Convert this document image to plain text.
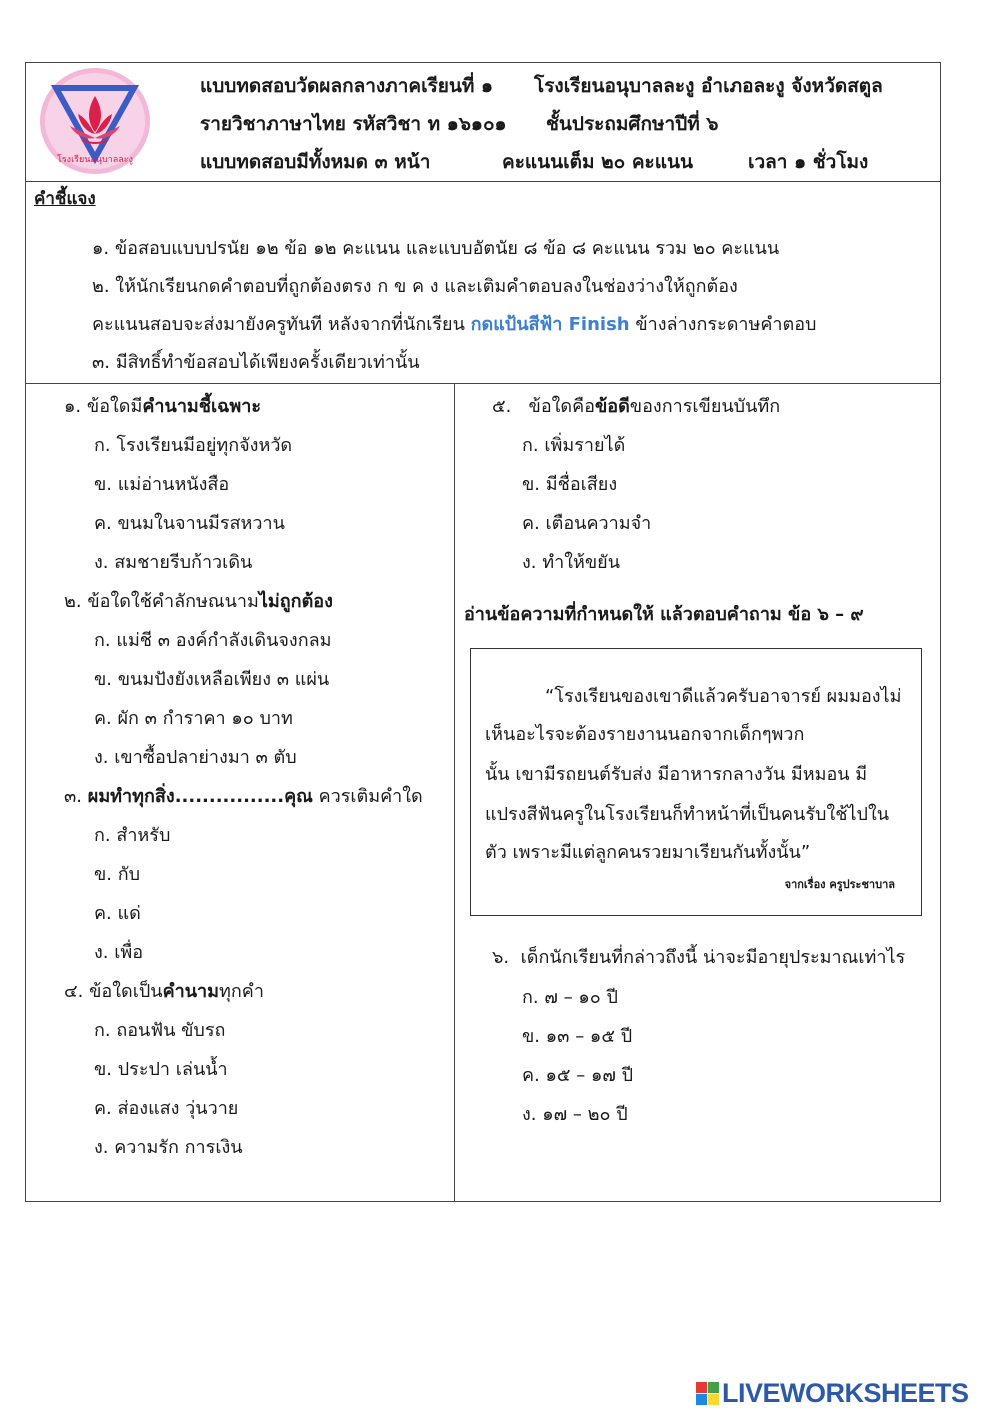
โรงเรียนอนุบาลละงู
แบบทดสอบวัดผลกลางภาคเรียนที่ ๑ โรงเรียนอนุบาลละงู อำเภอละงู จังหวัดสตูล
รายวิชาภาษาไทย รหัสวิชา ท ๑๖๑๐๑ ชั้นประถมศึกษาปีที่ ๖
แบบทดสอบมีทั้งหมด ๓ หน้า	คะแนนเต็ม ๒๐ คะแนน	เวลา ๑ ชั่วโมง
คำชี้แจง
๑. ข้อสอบแบบปรนัย ๑๒ ข้อ ๑๒ คะแนน และแบบอัตนัย ๘ ข้อ ๘ คะแนน รวม ๒๐ คะแนน
๒. ให้นักเรียนกดคำตอบที่ถูกต้องตรง ก ข ค ง และเติมคำตอบลงในช่องว่างให้ถูกต้อง
คะแนนสอบจะส่งมายังครูทันที หลังจากที่นักเรียน กดแป้นสีฟ้า Finish ข้างล่างกระดาษคำตอบ
๓. มีสิทธิ์ทำข้อสอบได้เพียงครั้งเดียวเท่านั้น
๑. ข้อใดมีคำนามชี้เฉพาะ
ก. โรงเรียนมีอยู่ทุกจังหวัด
ข. แม่อ่านหนังสือ
ค. ขนมในจานมีรสหวาน
ง. สมชายรีบก้าวเดิน
๒. ข้อใดใช้คำลักษณนามไม่ถูกต้อง
ก. แม่ชี ๓ องค์กำลังเดินจงกลม
ข. ขนมปังยังเหลือเพียง ๓ แผ่น
ค. ผัก ๓ กำราคา ๑๐ บาท
ง. เขาซื้อปลาย่างมา ๓ ตับ
๓. ผมทำทุกสิ่ง................คุณ ควรเติมคำใด
ก. สำหรับ
ข. กับ
ค. แด่
ง. เพื่อ
๔. ข้อใดเป็นคำนามทุกคำ
ก. ถอนฟัน ขับรถ
ข. ประปา เล่นน้ำ
ค. ส่องแสง วุ่นวาย
ง. ความรัก การเงิน
๕. ข้อใดคือข้อดีของการเขียนบันทึก
ก. เพิ่มรายได้
ข. มีชื่อเสียง
ค. เตือนความจำ
ง. ทำให้ขยัน
อ่านข้อความที่กำหนดให้ แล้วตอบคำถาม ข้อ ๖ – ๙
“โรงเรียนของเขาดีแล้วครับอาจารย์ ผมมองไม่
เห็นอะไรจะต้องรายงานนอกจากเด็กๆพวก
นั้น เขามีรถยนต์รับส่ง มีอาหารกลางวัน มีหมอน มี
แปรงสีฟันครูในโรงเรียนก็ทำหน้าที่เป็นคนรับใช้ไปใน
ตัว เพราะมีแต่ลูกคนรวยมาเรียนกันทั้งนั้น”
จากเรื่อง ครูประชาบาล
๖. เด็กนักเรียนที่กล่าวถึงนี้ น่าจะมีอายุประมาณเท่าไร
ก. ๗ – ๑๐ ปี
ข. ๑๓ – ๑๕ ปี
ค. ๑๕ – ๑๗ ปี
ง. ๑๗ – ๒๐ ปี
LIVEWORKSHEETS
